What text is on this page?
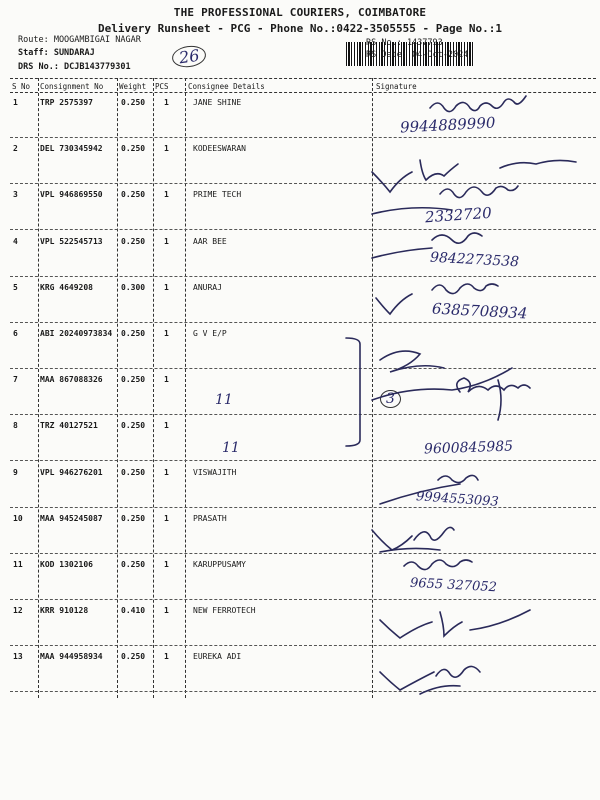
THE PROFESSIONAL COURIERS, COIMBATORE
Delivery Runsheet - PCG - Phone No.:0422-3505555 - Page No.:1
Route: MOOGAMBIGAI NAGAR
Staff: SUNDARAJ
DRS No.: DCJB143779301	26
RS No.: 1437793
RS Date: 04-Oct-2024
S No Consignment No Weight PCS	Consignee Details	Signature
1	TRP 2575397	0.250 1	JANE SHINE
2	DEL 730345942 0.250 1	KODEESWARAN
3	VPL 946869550 0.250 1	PRIME TECH
4	VPL 522545713 0.250 1	AAR BEE
5	KRG 4649208	0.300 1	ANURAJ
6	ABI 20240973834 0.250 1	G V E/P
7	MAA 867088326 0.250 1
8	TRZ 40127521	0.250 1
9	VPL 946276201 0.250 1	VISWAJITH
10 MAA 945245087 0.250 1	PRASATH
11 KOD 1302106	0.250 1	KARUPPUSAMY
12 KRR 910128	0.410 1	NEW FERROTECH
13 MAA 944958934 0.250 1	EUREKA ADI
9944889990
2332720
9842273538
6385708934
9600845985
9994553093
9655 327052
11
11
3
